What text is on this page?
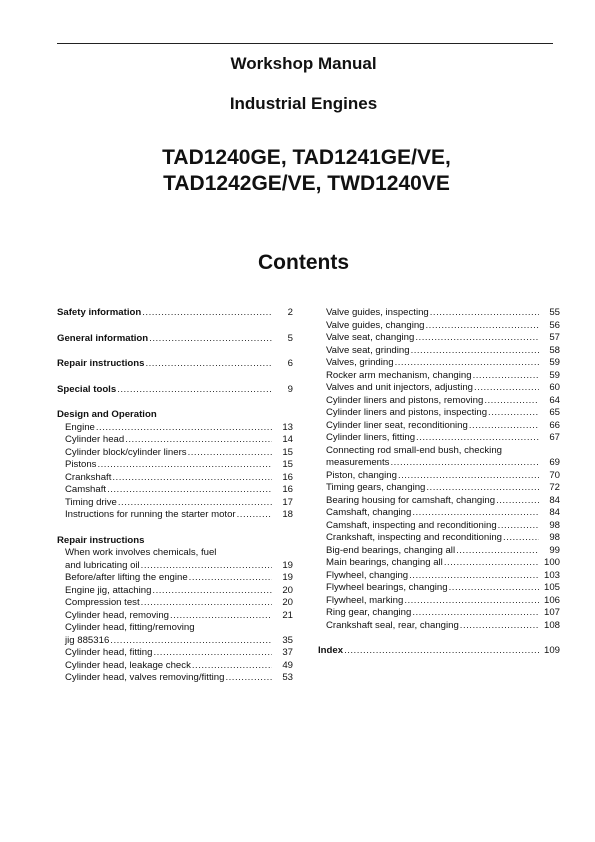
Workshop Manual
Industrial Engines
TAD1240GE, TAD1241GE/VE,
TAD1242GE/VE, TWD1240VE
Contents
Safety information .....	2
General information .....	5
Repair instructions .....	6
Special tools .....	9
Design and Operation
Engine .....	13
Cylinder head .....	14
Cylinder block/cylinder liners .....	15
Pistons .....	15
Crankshaft .....	16
Camshaft .....	16
Timing drive .....	17
Instructions for running the starter motor .....	18
Repair instructions
When work involves chemicals, fuel
and lubricating oil .....	19
Before/after lifting the engine .....	19
Engine jig, attaching .....	20
Compression test .....	20
Cylinder head, removing .....	21
Cylinder head, fitting/removing
jig 885316 .....	35
Cylinder head, fitting .....	37
Cylinder head, leakage check .....	49
Cylinder head, valves removing/fitting .....	53
Valve guides, inspecting .....	55
Valve guides, changing .....	56
Valve seat, changing .....	57
Valve seat, grinding .....	58
Valves, grinding .....	59
Rocker arm mechanism, changing .....	59
Valves and unit injectors, adjusting .....	60
Cylinder liners and pistons, removing .....	64
Cylinder liners and pistons, inspecting .....	65
Cylinder liner seat, reconditioning .....	66
Cylinder liners, fitting .....	67
Connecting rod small-end bush, checking
measurements .....	69
Piston, changing .....	70
Timing gears, changing .....	72
Bearing housing for camshaft, changing .....	84
Camshaft, changing .....	84
Camshaft, inspecting and reconditioning .....	98
Crankshaft, inspecting and reconditioning .....	98
Big-end bearings, changing all .....	99
Main bearings, changing all .....	100
Flywheel, changing .....	103
Flywheel bearings, changing .....	105
Flywheel, marking .....	106
Ring gear, changing .....	107
Crankshaft seal, rear, changing .....	108
Index .....	109
